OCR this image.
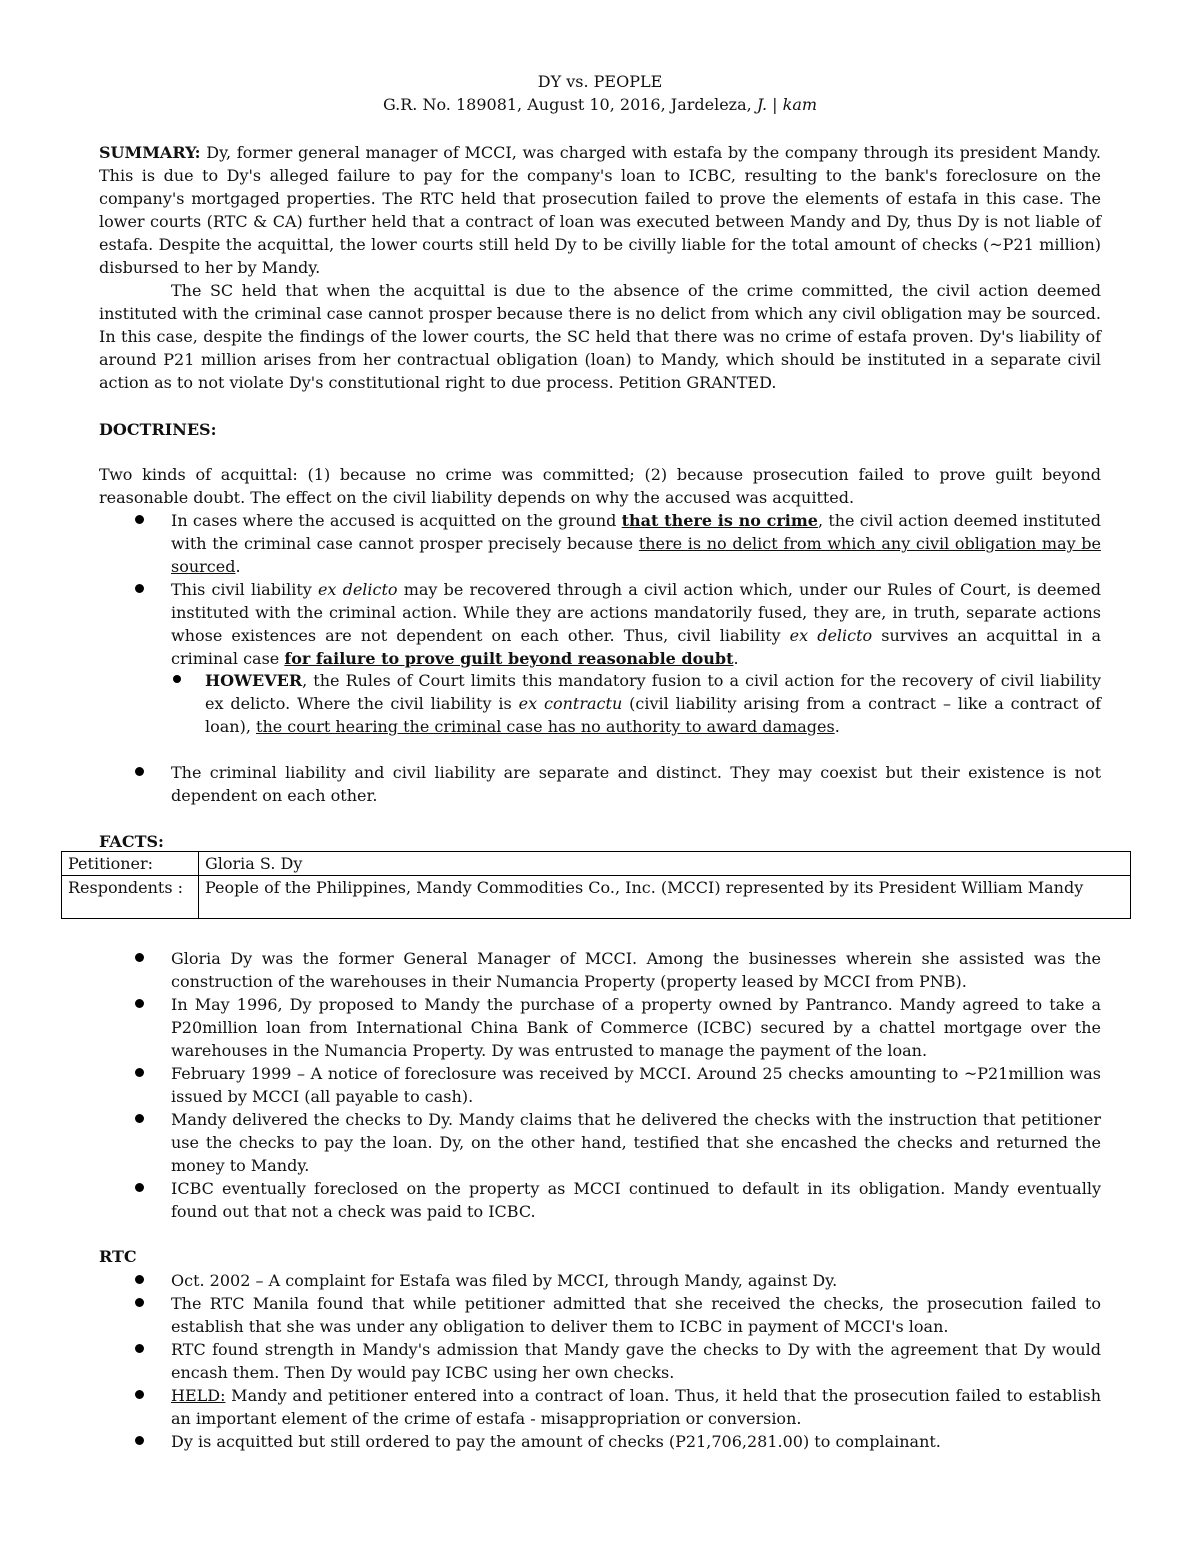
DY vs. PEOPLE
G.R. No. 189081, August 10, 2016, Jardeleza, J. | kam
SUMMARY: Dy, former general manager of MCCI, was charged with estafa by the company through its president Mandy. This is due to Dy's alleged failure to pay for the company's loan to ICBC, resulting to the bank's foreclosure on the company's mortgaged properties. The RTC held that prosecution failed to prove the elements of estafa in this case. The lower courts (RTC & CA) further held that a contract of loan was executed between Mandy and Dy, thus Dy is not liable of estafa. Despite the acquittal, the lower courts still held Dy to be civilly liable for the total amount of checks (~P21 million) disbursed to her by Mandy.
The SC held that when the acquittal is due to the absence of the crime committed, the civil action deemed instituted with the criminal case cannot prosper because there is no delict from which any civil obligation may be sourced. In this case, despite the findings of the lower courts, the SC held that there was no crime of estafa proven. Dy's liability of around P21 million arises from her contractual obligation (loan) to Mandy, which should be instituted in a separate civil action as to not violate Dy's constitutional right to due process. Petition GRANTED.
DOCTRINES:
Two kinds of acquittal: (1) because no crime was committed; (2) because prosecution failed to prove guilt beyond reasonable doubt. The effect on the civil liability depends on why the accused was acquitted.
In cases where the accused is acquitted on the ground that there is no crime, the civil action deemed instituted with the criminal case cannot prosper precisely because there is no delict from which any civil obligation may be sourced.
This civil liability ex delicto may be recovered through a civil action which, under our Rules of Court, is deemed instituted with the criminal action. While they are actions mandatorily fused, they are, in truth, separate actions whose existences are not dependent on each other. Thus, civil liability ex delicto survives an acquittal in a criminal case for failure to prove guilt beyond reasonable doubt.
HOWEVER, the Rules of Court limits this mandatory fusion to a civil action for the recovery of civil liability ex delicto. Where the civil liability is ex contractu (civil liability arising from a contract – like a contract of loan), the court hearing the criminal case has no authority to award damages.
The criminal liability and civil liability are separate and distinct. They may coexist but their existence is not dependent on each other.
FACTS:
Petitioner:	Gloria S. Dy
Respondents :	People of the Philippines, Mandy Commodities Co., Inc. (MCCI) represented by its President William Mandy
Gloria Dy was the former General Manager of MCCI. Among the businesses wherein she assisted was the construction of the warehouses in their Numancia Property (property leased by MCCI from PNB).
In May 1996, Dy proposed to Mandy the purchase of a property owned by Pantranco. Mandy agreed to take a P20million loan from International China Bank of Commerce (ICBC) secured by a chattel mortgage over the warehouses in the Numancia Property. Dy was entrusted to manage the payment of the loan.
February 1999 – A notice of foreclosure was received by MCCI. Around 25 checks amounting to ~P21million was issued by MCCI (all payable to cash).
Mandy delivered the checks to Dy. Mandy claims that he delivered the checks with the instruction that petitioner use the checks to pay the loan. Dy, on the other hand, testified that she encashed the checks and returned the money to Mandy.
ICBC eventually foreclosed on the property as MCCI continued to default in its obligation. Mandy eventually found out that not a check was paid to ICBC.
RTC
Oct. 2002 – A complaint for Estafa was filed by MCCI, through Mandy, against Dy.
The RTC Manila found that while petitioner admitted that she received the checks, the prosecution failed to establish that she was under any obligation to deliver them to ICBC in payment of MCCI's loan.
RTC found strength in Mandy's admission that Mandy gave the checks to Dy with the agreement that Dy would encash them. Then Dy would pay ICBC using her own checks.
HELD: Mandy and petitioner entered into a contract of loan. Thus, it held that the prosecution failed to establish an important element of the crime of estafa - misappropriation or conversion.
Dy is acquitted but still ordered to pay the amount of checks (P21,706,281.00) to complainant.
